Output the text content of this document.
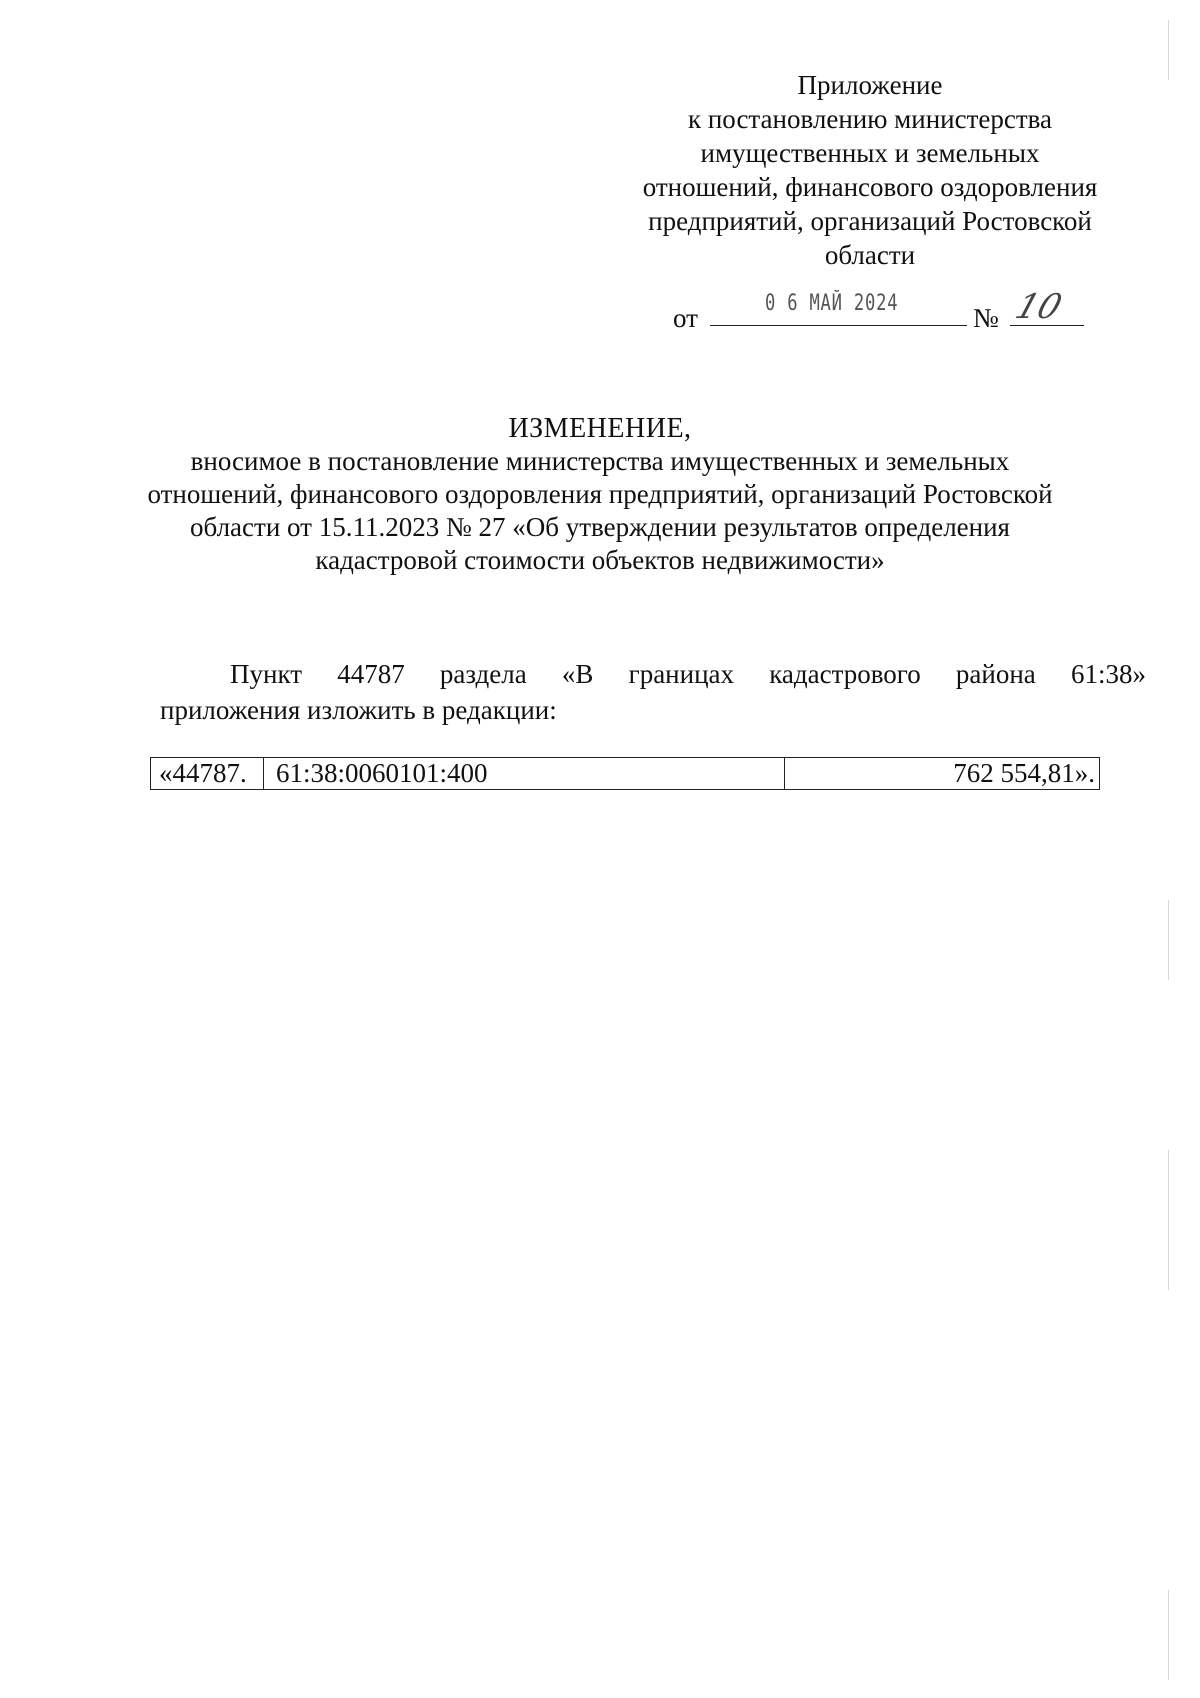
Приложение
к постановлению министерства
имущественных и земельных
отношений, финансового оздоровления
предприятий, организаций Ростовской
области
от	0 6 МАЙ 2024	№ 10
ИЗМЕНЕНИЕ,
вносимое в постановление министерства имущественных и земельных
отношений, финансового оздоровления предприятий, организаций Ростовской
области от 15.11.2023 № 27 «Об утверждении результатов определения
кадастровой стоимости объектов недвижимости»
Пункт 44787 раздела «В границах кадастрового района 61:38»
приложения изложить в редакции:
«44787.	61:38:0060101:400	762 554,81».
